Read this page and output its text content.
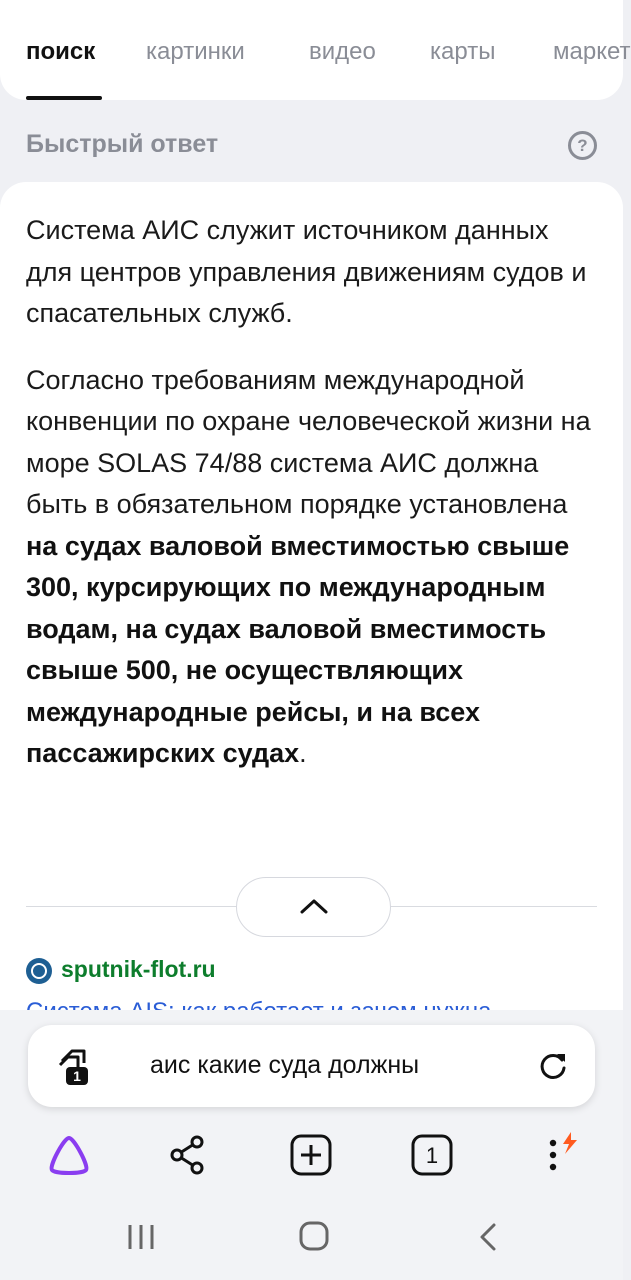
поиск картинки	видео карты маркет
Быстрый ответ	?

Система АИС служит источником данных для центров управления движениям судов и спасательных служб.

Согласно требованиям международной конвенции по охране человеческой жизни на море SOLAS 74/88 система АИС должна быть в обязательном порядке установлена на судах валовой вместимостью свыше 300, курсирующих по международным водам, на судах валовой вместимость свыше 500, не осуществляющих международные рейсы, и на всех пассажирских судах.

sputnik-flot.ru
1	аис какие суда должны
1
